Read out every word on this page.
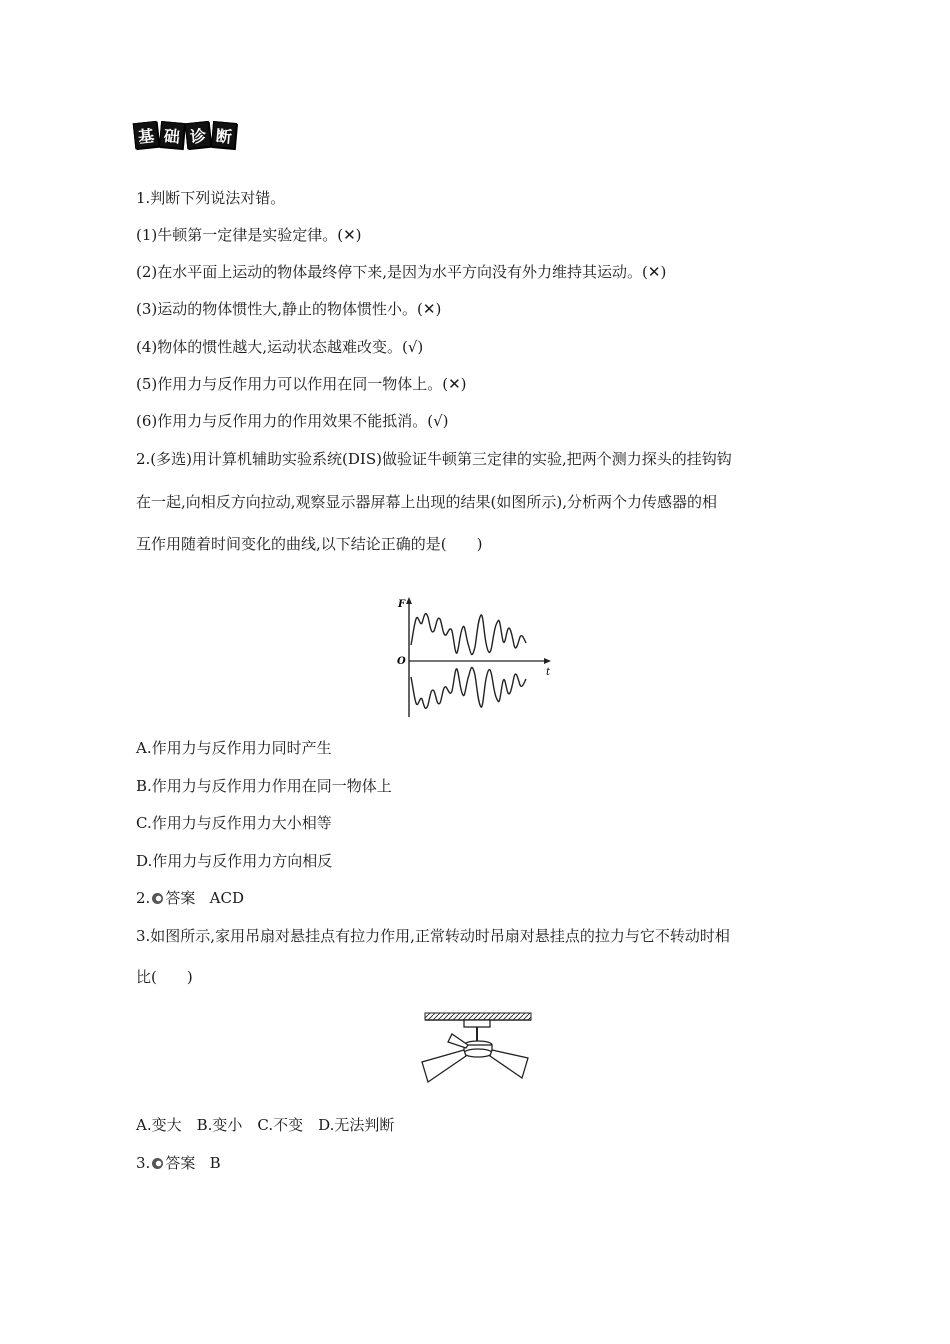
基 础 诊 断
1.判断下列说法对错。
(1)牛顿第一定律是实验定律。(✕)
(2)在水平面上运动的物体最终停下来,是因为水平方向没有外力维持其运动。(✕)
(3)运动的物体惯性大,静止的物体惯性小。(✕)
(4)物体的惯性越大,运动状态越难改变。(√)
(5)作用力与反作用力可以作用在同一物体上。(✕)
(6)作用力与反作用力的作用效果不能抵消。(√)
2.(多选)用计算机辅助实验系统(DIS)做验证牛顿第三定律的实验,把两个测力探头的挂钩钩
在一起,向相反方向拉动,观察显示器屏幕上出现的结果(如图所示),分析两个力传感器的相
互作用随着时间变化的曲线,以下结论正确的是(　　)
F
t
O
A.作用力与反作用力同时产生
B.作用力与反作用力作用在同一物体上
C.作用力与反作用力大小相等
D.作用力与反作用力方向相反
2. 答案 ACD
3.如图所示,家用吊扇对悬挂点有拉力作用,正常转动时吊扇对悬挂点的拉力与它不转动时相
比(　　)
A.变大　B.变小　C.不变　D.无法判断
3. 答案 B
